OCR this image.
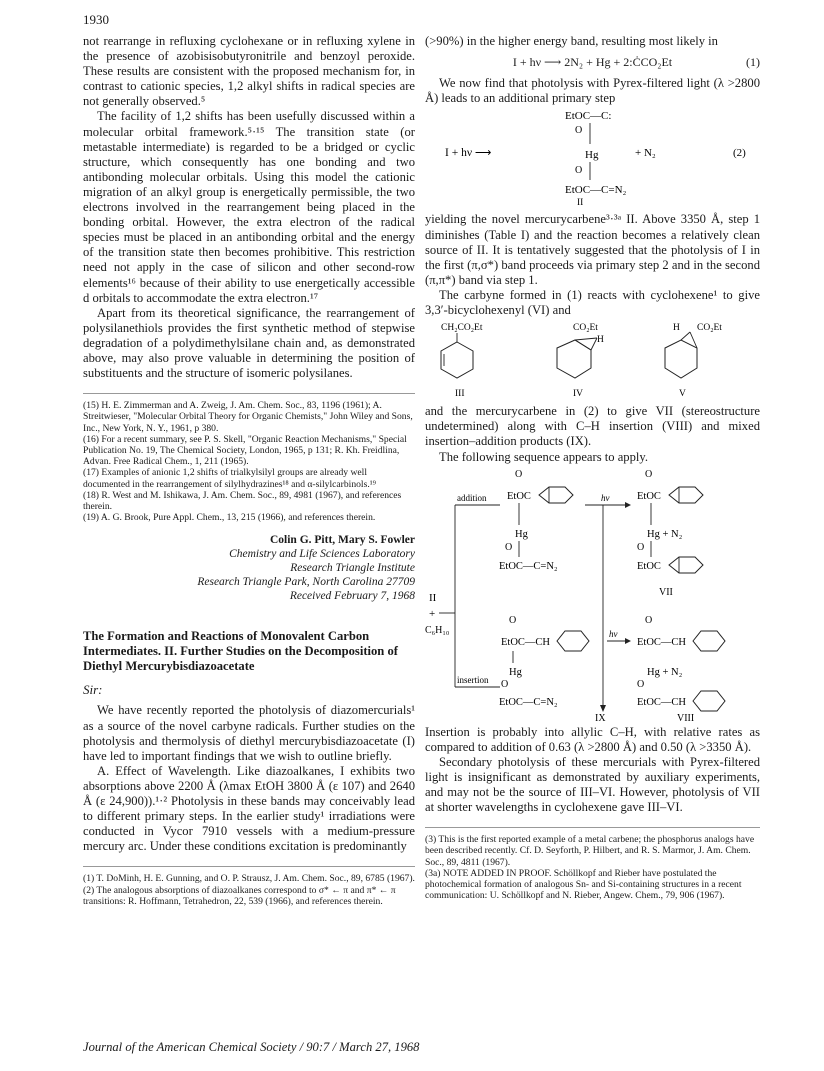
1930

not rearrange in refluxing cyclohexane or in refluxing xylene in the presence of azobisisobutyronitrile and benzoyl peroxide. These results are consistent with the proposed mechanism for, in contrast to cationic species, 1,2 alkyl shifts in radical species are not generally observed.⁵

The facility of 1,2 shifts has been usefully discussed within a molecular orbital framework.⁵·¹⁵ The transition state (or metastable intermediate) is regarded to be a bridged or cyclic structure, which consequently has one bonding and two antibonding molecular orbitals. Using this model the cationic migration of an alkyl group is energetically permissible, the two electrons involved in the rearrangement being placed in the bonding orbital. However, the extra electron of the radical species must be placed in an antibonding orbital and the energy of the transition state then becomes prohibitive. This restriction need not apply in the case of silicon and other second-row elements¹⁶ because of their ability to use energetically accessible d orbitals to accommodate the extra electron.¹⁷

Apart from its theoretical significance, the rearrangement of polysilanethiols provides the first synthetic method of stepwise degradation of a polydimethylsilane chain and, as demonstrated above, may also prove valuable in determining the position of substituents and the structure of isomeric polysilanes.

(15) H. E. Zimmerman and A. Zweig, J. Am. Chem. Soc., 83, 1196 (1961); A. Streitwieser, "Molecular Orbital Theory for Organic Chemists," John Wiley and Sons, Inc., New York, N. Y., 1961, p 380.

(16) For a recent summary, see P. S. Skell, "Organic Reaction Mechanisms," Special Publication No. 19, The Chemical Society, London, 1965, p 131; R. Kh. Freidlina, Advan. Free Radical Chem., 1, 211 (1965).

(17) Examples of anionic 1,2 shifts of trialkylsilyl groups are already well documented in the rearrangement of silylhydrazines¹⁸ and α-silylcarbinols.¹⁹

(18) R. West and M. Ishikawa, J. Am. Chem. Soc., 89, 4981 (1967), and references therein.

(19) A. G. Brook, Pure Appl. Chem., 13, 215 (1966), and references therein.

Colin G. Pitt, Mary S. Fowler
Chemistry and Life Sciences Laboratory
Research Triangle Institute
Research Triangle Park, North Carolina 27709
Received February 7, 1968
The Formation and Reactions of Monovalent Carbon Intermediates. II. Further Studies on the Decomposition of Diethyl Mercurybisdiazoacetate
Sir:

We have recently reported the photolysis of diazomercurials¹ as a source of the novel carbyne radicals. Further studies on the photolysis and thermolysis of diethyl mercurybisdiazoacetate (I) have led to important findings that we wish to outline briefly.

A. Effect of Wavelength. Like diazoalkanes, I exhibits two absorptions above 2200 Å (λmax EtOH 3800 Å (ε 107) and 2640 Å (ε 24,900)).¹·² Photolysis in these bands may conceivably lead to different primary steps. In the earlier study¹ irradiations were conducted in Vycor 7910 vessels with a medium-pressure mercury arc. Under these conditions excitation is predominantly

(1) T. DoMinh, H. E. Gunning, and O. P. Strausz, J. Am. Chem. Soc., 89, 6785 (1967).

(2) The analogous absorptions of diazoalkanes correspond to σ* ← π and π* ← π transitions: R. Hoffmann, Tetrahedron, 22, 539 (1966), and references therein.

(>90%) in the higher energy band, resulting most likely in

I + hν ⟶ 2N₂ + Hg + 2:ĊCO₂Et	(1)

We now find that photolysis with Pyrex-filtered light (λ >2800 Å) leads to an additional primary step

I + hν ⟶
EtOC—C:
O
Hg	+ N₂
O
EtOC—C=N₂
II
(2)

yielding the novel mercurycarbene³·³ᵃ II. Above 3350 Å, step 1 diminishes (Table I) and the reaction becomes a relatively clean source of II. It is tentatively suggested that the photolysis of I in the first (π,σ*) band proceeds via primary step 2 and in the second (π,π*) band via step 1.

The carbyne formed in (1) reacts with cyclohexene¹ to give 3,3′-bicyclohexenyl (VI) and

CH₂CO₂Et
III
CO₂Et
H
IV
H CO₂Et
V

and the mercurycarbene in (2) to give VII (stereostructure undetermined) along with C–H insertion (VIII) and mixed insertion–addition products (IX).

The following sequence appears to apply.

II
+
C₆H₁₀
addition
insertion
O
EtOC
Hg
O
EtOC—C=N₂
O
EtOC
Hg + N₂
O
EtOC
VII
hν
IX
O
EtOC—CH
Hg
O
EtOC—C=N₂
hν
O
EtOC—CH
Hg + N₂
O
EtOC—CH
VIII

Insertion is probably into allylic C–H, with relative rates as compared to addition of 0.63 (λ >2800 Å) and 0.50 (λ >3350 Å).

Secondary photolysis of these mercurials with Pyrex-filtered light is insignificant as demonstrated by auxiliary experiments, and may not be the source of III–VI. However, photolysis of VII at shorter wavelengths in cyclohexene gave III–VI.

(3) This is the first reported example of a metal carbene; the phosphorus analogs have been described recently. Cf. D. Seyforth, P. Hilbert, and R. S. Marmor, J. Am. Chem. Soc., 89, 4811 (1967).

(3a) NOTE ADDED IN PROOF. Schöllkopf and Rieber have postulated the photochemical formation of analogous Sn- and Si-containing structures in a recent communication: U. Schöllkopf and N. Rieber, Angew. Chem., 79, 906 (1967).

Journal of the American Chemical Society / 90:7 / March 27, 1968
